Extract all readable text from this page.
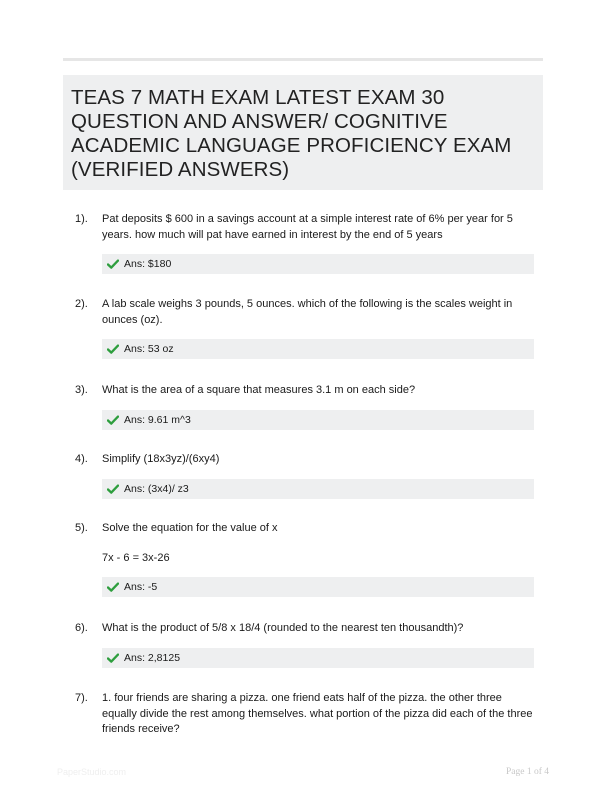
TEAS 7 MATH EXAM LATEST EXAM 30 QUESTION AND ANSWER/ COGNITIVE ACADEMIC LANGUAGE PROFICIENCY EXAM (VERIFIED ANSWERS)
1). Pat deposits $ 600 in a savings account at a simple interest rate of 6% per year for 5 years. how much will pat have earned in interest by the end of 5 years
Ans: $180
2). A lab scale weighs 3 pounds, 5 ounces. which of the following is the scales weight in ounces (oz).
Ans: 53 oz
3). What is the area of a square that measures 3.1 m on each side?
Ans: 9.61 m^3
4). Simplify (18x3yz)/(6xy4)
Ans: (3x4)/ z3
5). Solve the equation for the value of x
7x - 6 = 3x-26
Ans: -5
6). What is the product of 5/8 x 18/4 (rounded to the nearest ten thousandth)?
Ans: 2,8125
7). 1. four friends are sharing a pizza. one friend eats half of the pizza. the other three equally divide the rest among themselves. what portion of the pizza did each of the three friends receive?
PaperStudio.com	Page 1 of 4
